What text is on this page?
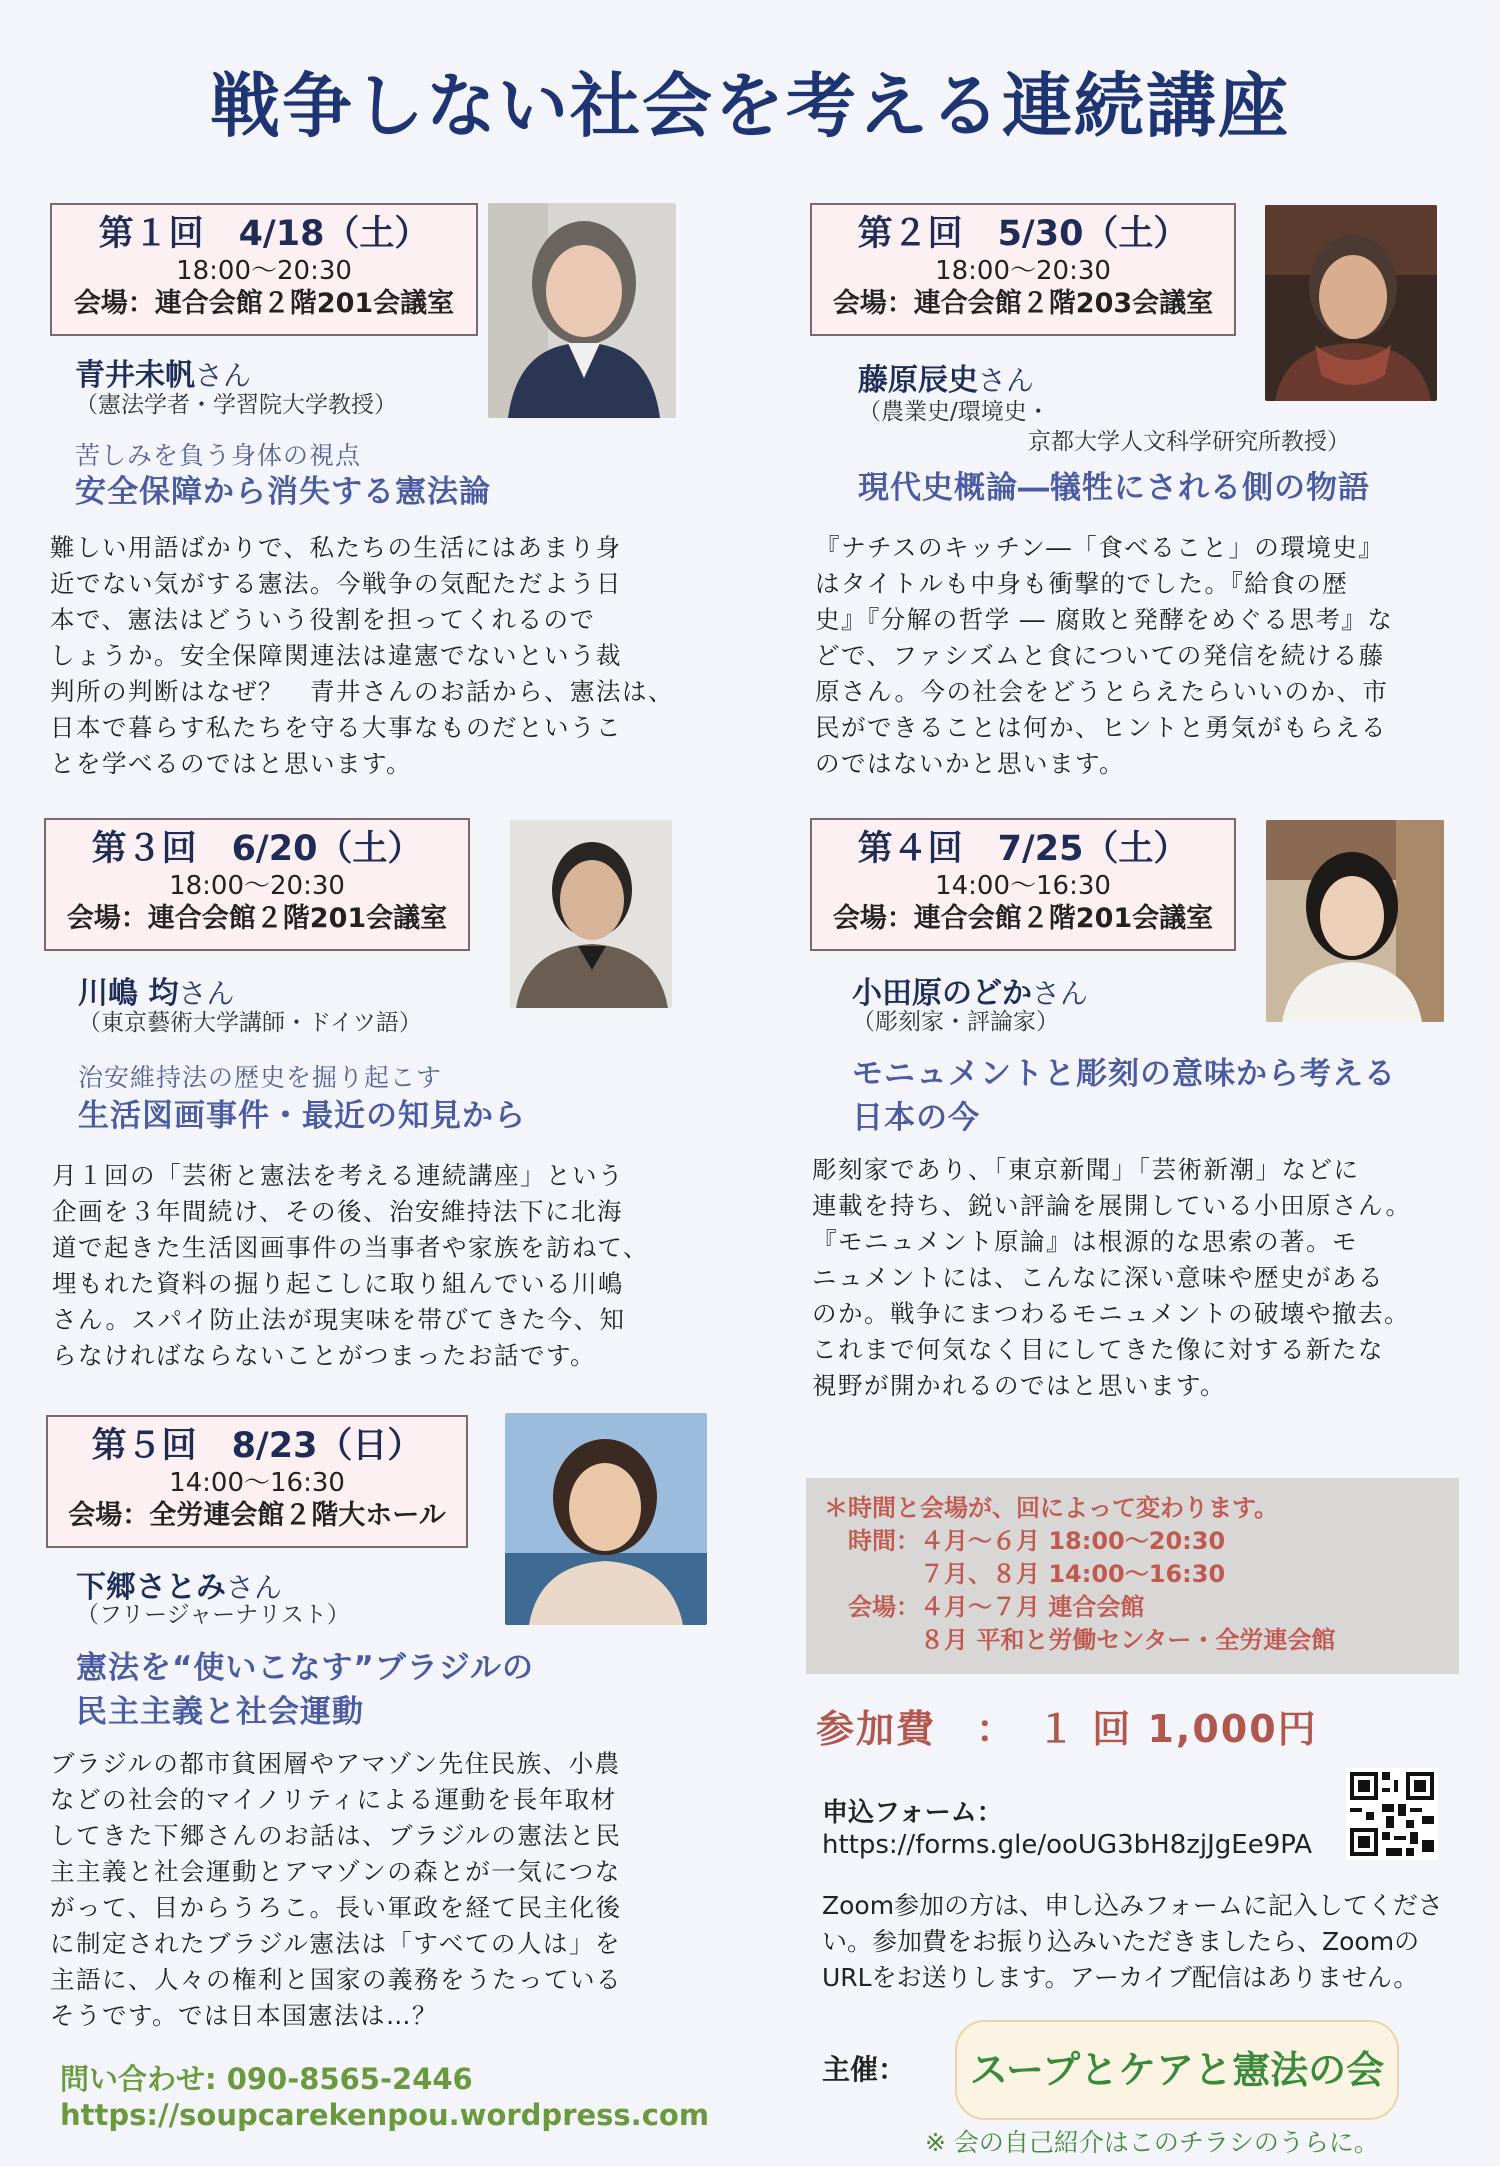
戦争しない社会を考える連続講座
第１回　4/18（土）
18:00〜20:30
会場：連合会館２階201会議室
青井未帆さん
（憲法学者・学習院大学教授）
苦しみを負う身体の視点
安全保障から消失する憲法論
難しい用語ばかりで、私たちの生活にはあまり身
近でない気がする憲法。今戦争の気配ただよう日
本で、憲法はどういう役割を担ってくれるので
しょうか。安全保障関連法は違憲でないという裁
判所の判断はなぜ？　青井さんのお話から、憲法は、
日本で暮らす私たちを守る大事なものだというこ
とを学べるのではと思います。
第２回　5/30（土）
18:00〜20:30
会場：連合会館２階203会議室
藤原辰史さん
（農業史/環境史・
京都大学人文科学研究所教授）
現代史概論―犠牲にされる側の物語
『ナチスのキッチン―「食べること」の環境史』
はタイトルも中身も衝撃的でした。『給食の歴
史』『分解の哲学 ― 腐敗と発酵をめぐる思考』な
どで、ファシズムと食についての発信を続ける藤
原さん。今の社会をどうとらえたらいいのか、市
民ができることは何か、ヒントと勇気がもらえる
のではないかと思います。
第３回　6/20（土）
18:00〜20:30
会場：連合会館２階201会議室
川嶋 均さん
（東京藝術大学講師・ドイツ語）
治安維持法の歴史を掘り起こす
生活図画事件・最近の知見から
月１回の「芸術と憲法を考える連続講座」という
企画を３年間続け、その後、治安維持法下に北海
道で起きた生活図画事件の当事者や家族を訪ねて、
埋もれた資料の掘り起こしに取り組んでいる川嶋
さん。スパイ防止法が現実味を帯びてきた今、知
らなければならないことがつまったお話です。
第４回　7/25（土）
14:00〜16:30
会場：連合会館２階201会議室
小田原のどかさん
（彫刻家・評論家）
モニュメントと彫刻の意味から考える
日本の今
彫刻家であり、「東京新聞」「芸術新潮」などに
連載を持ち、鋭い評論を展開している小田原さん。
『モニュメント原論』は根源的な思索の著。モ
ニュメントには、こんなに深い意味や歴史がある
のか。戦争にまつわるモニュメントの破壊や撤去。
これまで何気なく目にしてきた像に対する新たな
視野が開かれるのではと思います。
第５回　8/23（日）
14:00〜16:30
会場：全労連会館２階大ホール
下郷さとみさん
（フリージャーナリスト）
憲法を“使いこなす”ブラジルの
民主主義と社会運動
ブラジルの都市貧困層やアマゾン先住民族、小農
などの社会的マイノリティによる運動を長年取材
してきた下郷さんのお話は、ブラジルの憲法と民
主主義と社会運動とアマゾンの森とが一気につな
がって、目からうろこ。長い軍政を経て民主化後
に制定されたブラジル憲法は「すべての人は」を
主語に、人々の権利と国家の義務をうたっている
そうです。では日本国憲法は…？
＊時間と会場が、回によって変わります。
　時間：４月〜６月 18:00〜20:30
　　　　７月、８月 14:00〜16:30
　会場：４月〜７月 連合会館
　　　　８月 平和と労働センター・全労連会館
参加費　：　１ 回 1,000円
申込フォーム：
https://forms.gle/ooUG3bH8zjJgEe9PA
Zoom参加の方は、申し込みフォームに記入してくださ
い。参加費をお振り込みいただきましたら、Zoomの
URLをお送りします。アーカイブ配信はありません。
主催：	スープとケアと憲法の会
※ 会の自己紹介はこのチラシのうらに。
問い合わせ: 090-8565-2446
https://soupcarekenpou.wordpress.com
